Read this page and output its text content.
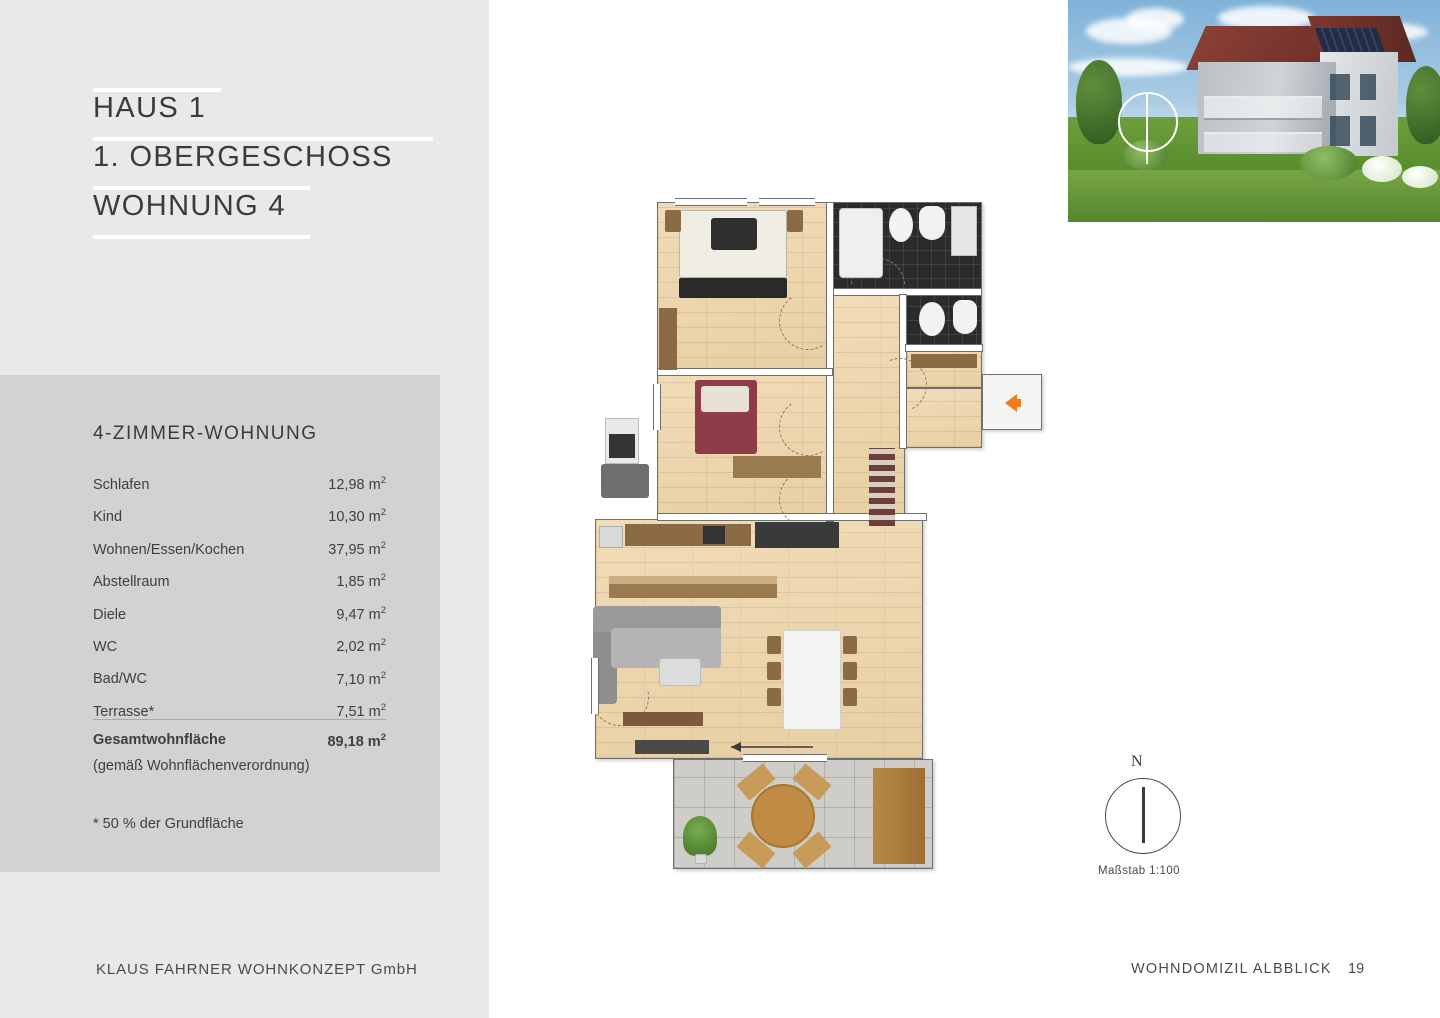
HAUS 1
1. OBERGESCHOSS
WOHNUNG 4
4-ZIMMER-WOHNUNG
Schlafen	12,98 $m^2$
Kind	10,30 $m^2$
Wohnen/Essen/Kochen	37,95 $m^2$
Abstellraum	1,85 $m^2$
Diele	9,47 $m^2$
WC	2,02 $m^2$
Bad/WC	7,10 $m^2$
Terrasse*	7,51 $m^2$
Gesamtwohnfläche	89,18 $m^2$
(gemäß Wohnflächenverordnung)
* 50 % der Grundfläche
KLAUS FAHRNER WOHNKONZEPT GmbH
N
Maßstab 1:100
WOHNDOMIZIL ALBBLICK 19
